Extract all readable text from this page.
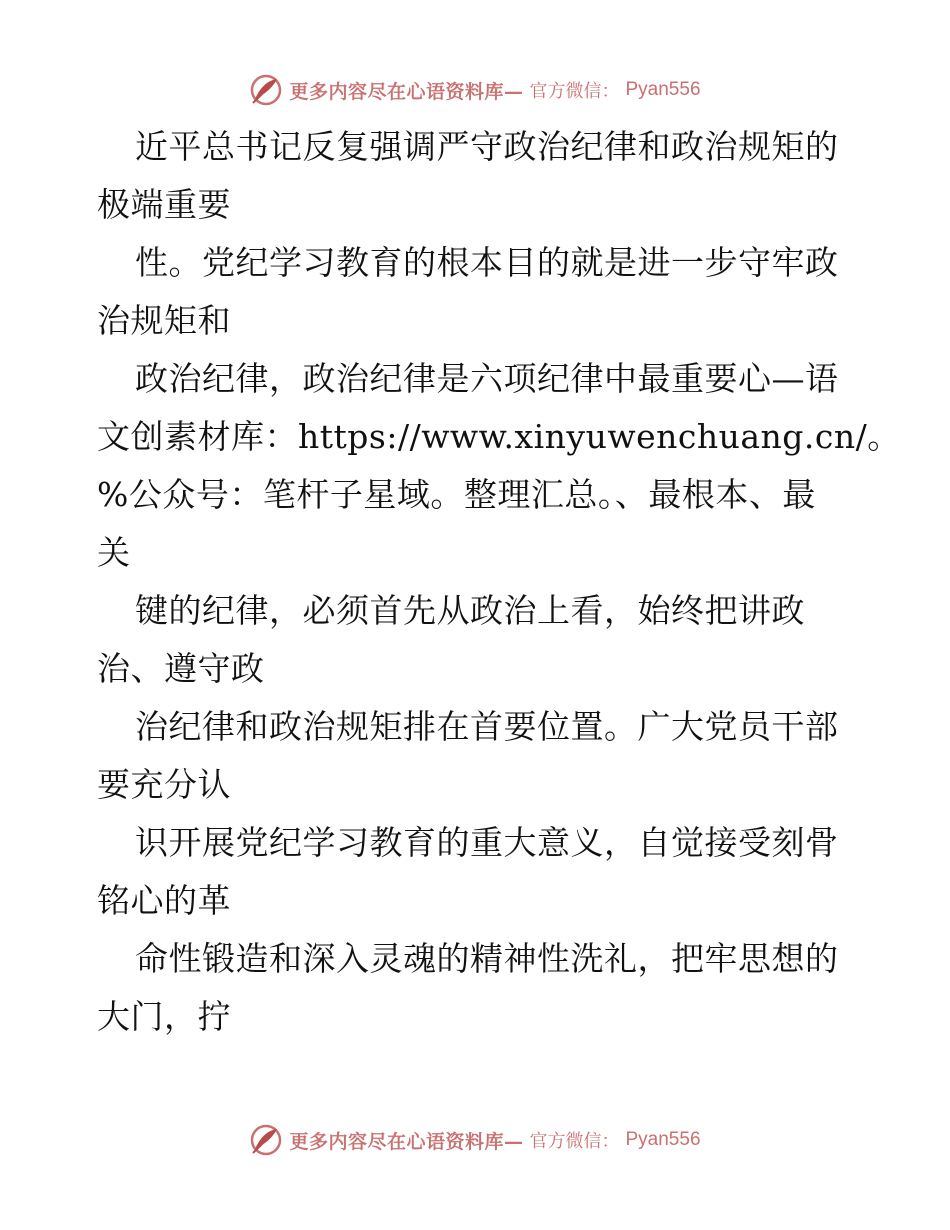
更多内容尽在心语资料库— 官方微信： Pyan556
近平总书记反复强调严守政治纪律和政治规矩的
极端重要
性。党纪学习教育的根本目的就是进一步守牢政
治规矩和
政治纪律，政治纪律是六项纪律中最重要心—语
文创素材库：https://www.xinyuwenchuang.cn/。
%公众号：笔杆子星域。整理汇总。、最根本、最
关
键的纪律，必须首先从政治上看，始终把讲政
治、遵守政
治纪律和政治规矩排在首要位置。广大党员干部
要充分认
识开展党纪学习教育的重大意义，自觉接受刻骨
铭心的革
命性锻造和深入灵魂的精神性洗礼，把牢思想的
大门，拧
更多内容尽在心语资料库— 官方微信： Pyan556
